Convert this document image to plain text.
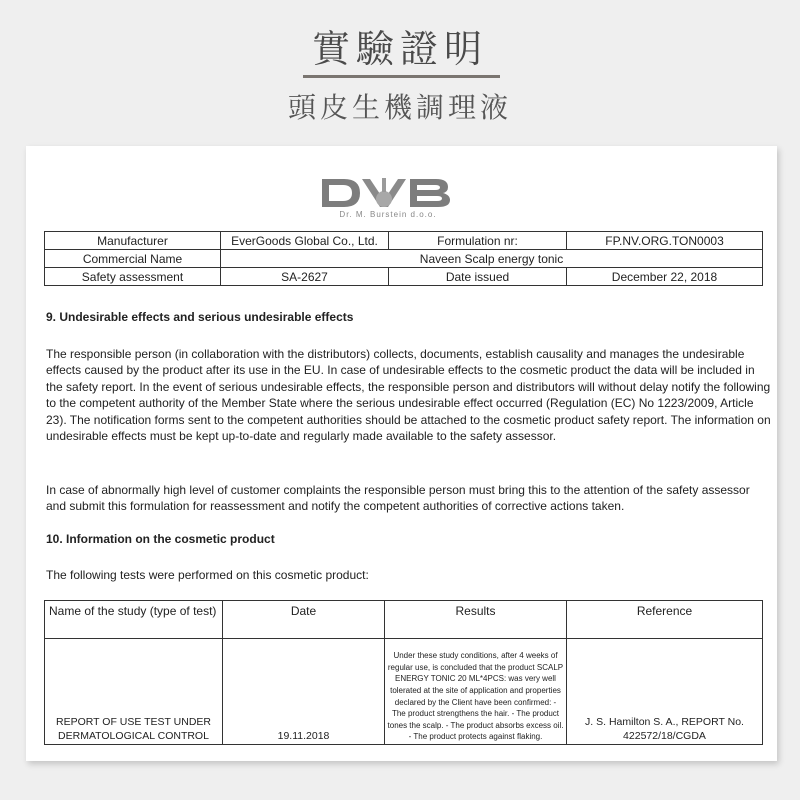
實驗證明
頭皮生機調理液
Dr. M. Burstein d.o.o.
Manufacturer	EverGoods Global Co., Ltd.	Formulation nr:	FP.NV.ORG.TON0003
Commercial Name	Naveen Scalp energy tonic		
Safety assessment	SA-2627	Date issued	December 22, 2018
9. Undesirable effects and serious undesirable effects
The responsible person (in collaboration with the distributors) collects, documents, establish causality and manages the undesirable effects caused by the product after its use in the EU. In case of undesirable effects to the cosmetic product the data will be included in the safety report. In the event of serious undesirable effects, the responsible person and distributors will without delay notify the following to the competent authority of the Member State where the serious undesirable effect occurred (Regulation (EC) No 1223/2009, Article 23). The notification forms sent to the competent authorities should be attached to the cosmetic product safety report. The information on undesirable effects must be kept up-to-date and regularly made available to the safety assessor.
In case of abnormally high level of customer complaints the responsible person must bring this to the attention of the safety assessor and submit this formulation for reassessment and notify the competent authorities of corrective actions taken.
10. Information on the cosmetic product
The following tests were performed on this cosmetic product:
Name of the study (type of test)	Date	Results	Reference
REPORT OF USE TEST UNDER DERMATOLOGICAL CONTROL	19.11.2018	Under these study conditions, after 4 weeks of regular use, is concluded that the product SCALP ENERGY TONIC 20 ML*4PCS: was very well tolerated at the site of application and properties declared by the Client have been confirmed: - The product strengthens the hair. - The product tones the scalp. - The product absorbs excess oil. - The product protects against flaking.	J. S. Hamilton S. A., REPORT No. 422572/18/CGDA
